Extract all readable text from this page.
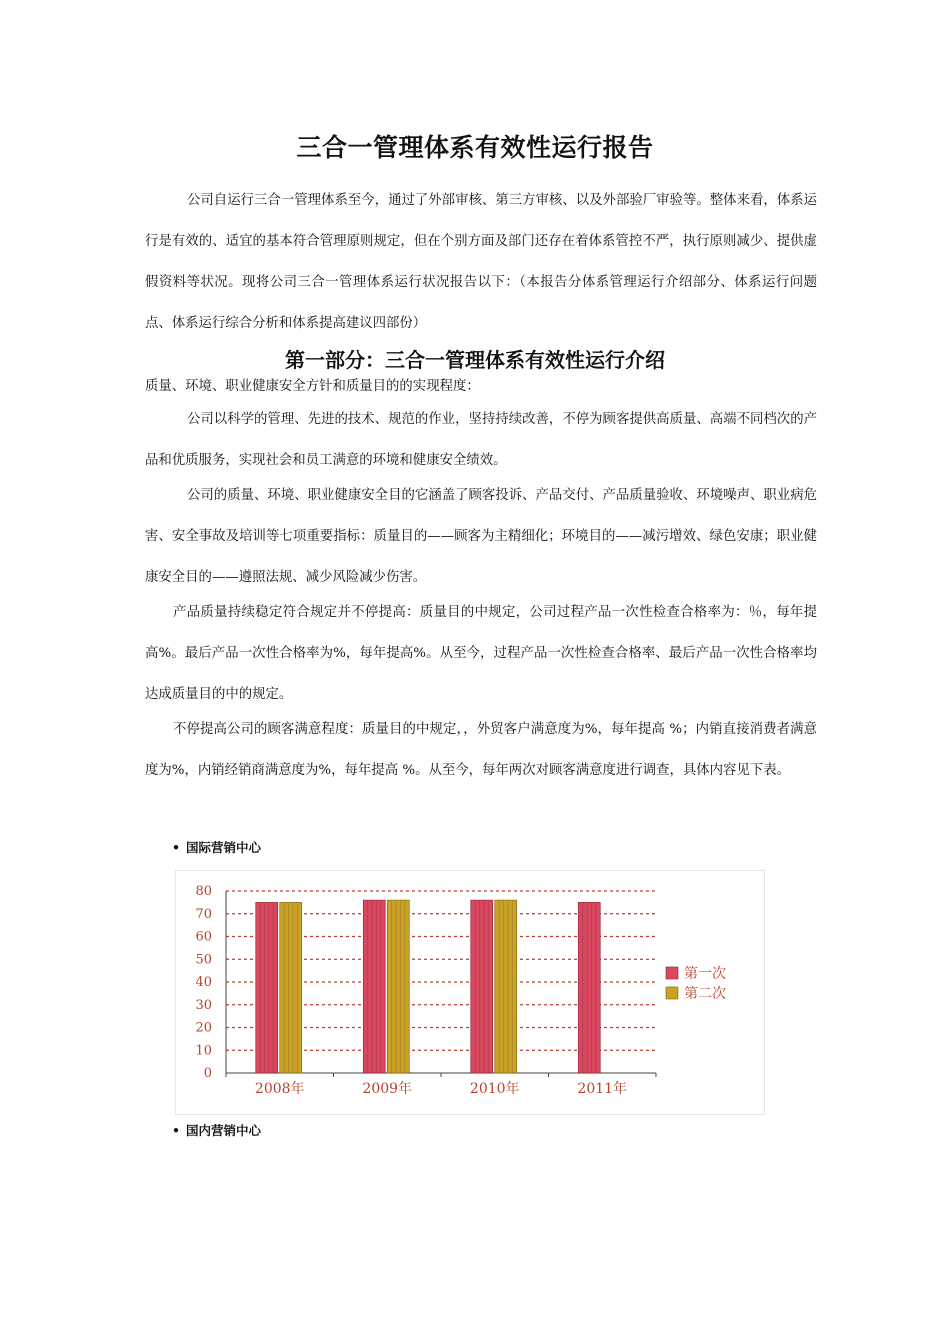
三合一管理体系有效性运行报告
公司自运行三合一管理体系至今，通过了外部审核、第三方审核、以及外部验厂审验等。整体来看，体系运行是有效的、适宜的基本符合管理原则规定，但在个别方面及部门还存在着体系管控不严，执行原则减少、提供虚假资料等状况。现将公司三合一管理体系运行状况报告以下：（本报告分体系管理运行介绍部分、体系运行问题点、体系运行综合分析和体系提高建议四部份）
第一部分：三合一管理体系有效性运行介绍
质量、环境、职业健康安全方针和质量目的的实现程度：
公司以科学的管理、先进的技术、规范的作业，坚持持续改善，不停为顾客提供高质量、高端不同档次的产品和优质服务，实现社会和员工满意的环境和健康安全绩效。
公司的质量、环境、职业健康安全目的它涵盖了顾客投诉、产品交付、产品质量验收、环境噪声、职业病危害、安全事故及培训等七项重要指标：质量目的——顾客为主精细化；环境目的——减污增效、绿色安康；职业健康安全目的——遵照法规、减少风险减少伤害。
产品质量持续稳定符合规定并不停提高：质量目的中规定，公司过程产品一次性检查合格率为：％，每年提高%。最后产品一次性合格率为%，每年提高%。从至今，过程产品一次性检查合格率、最后产品一次性合格率均达成质量目的中的规定。
不停提高公司的顾客满意程度：质量目的中规定，，外贸客户满意度为%，每年提高 %；内销直接消费者满意度为%，内销经销商满意度为%，每年提高 %。从至今，每年两次对顾客满意度进行调查，具体内容见下表。
• 国际营销中心
0
10
20
30
40
50
60
70
80
2008年	2009年	2010年	2011年
第一次
第二次
• 国内营销中心
